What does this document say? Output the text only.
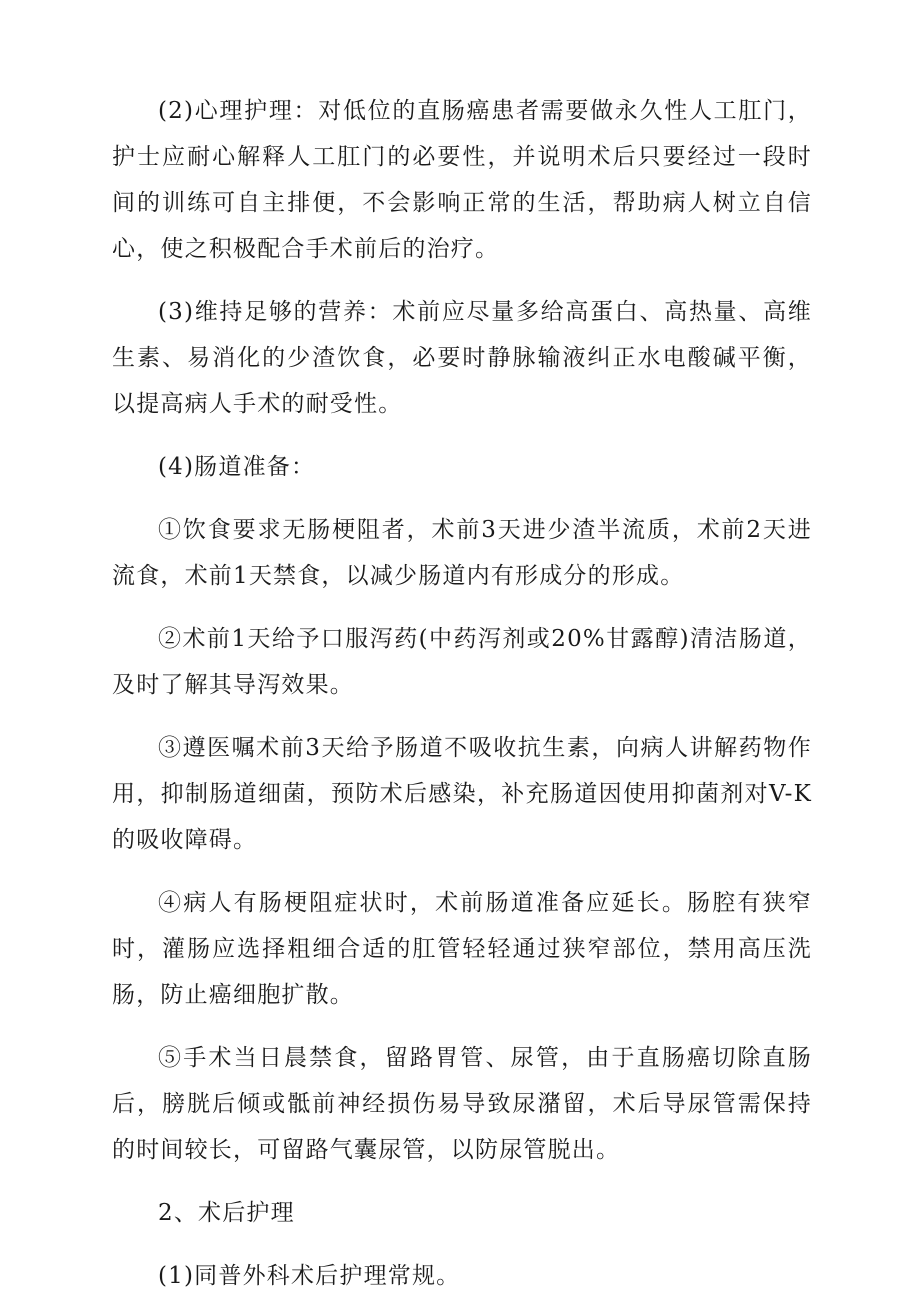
(2)心理护理：对低位的直肠癌患者需要做永久性人工肛门，护士应耐心解释人工肛门的必要性，并说明术后只要经过一段时间的训练可自主排便，不会影响正常的生活，帮助病人树立自信心，使之积极配合手术前后的治疗。

(3)维持足够的营养：术前应尽量多给高蛋白、高热量、高维生素、易消化的少渣饮食，必要时静脉输液纠正水电酸碱平衡，以提高病人手术的耐受性。

(4)肠道准备：

①饮食要求无肠梗阻者，术前3天进少渣半流质，术前2天进流食，术前1天禁食，以减少肠道内有形成分的形成。

②术前1天给予口服泻药(中药泻剂或20%甘露醇)清洁肠道，及时了解其导泻效果。

③遵医嘱术前3天给予肠道不吸收抗生素，向病人讲解药物作用，抑制肠道细菌，预防术后感染，补充肠道因使用抑菌剂对V-K的吸收障碍。

④病人有肠梗阻症状时，术前肠道准备应延长。肠腔有狭窄时，灌肠应选择粗细合适的肛管轻轻通过狭窄部位，禁用高压洗肠，防止癌细胞扩散。

⑤手术当日晨禁食，留路胃管、尿管，由于直肠癌切除直肠后，膀胱后倾或骶前神经损伤易导致尿潴留，术后导尿管需保持的时间较长，可留路气囊尿管，以防尿管脱出。

2、术后护理

(1)同普外科术后护理常规。
